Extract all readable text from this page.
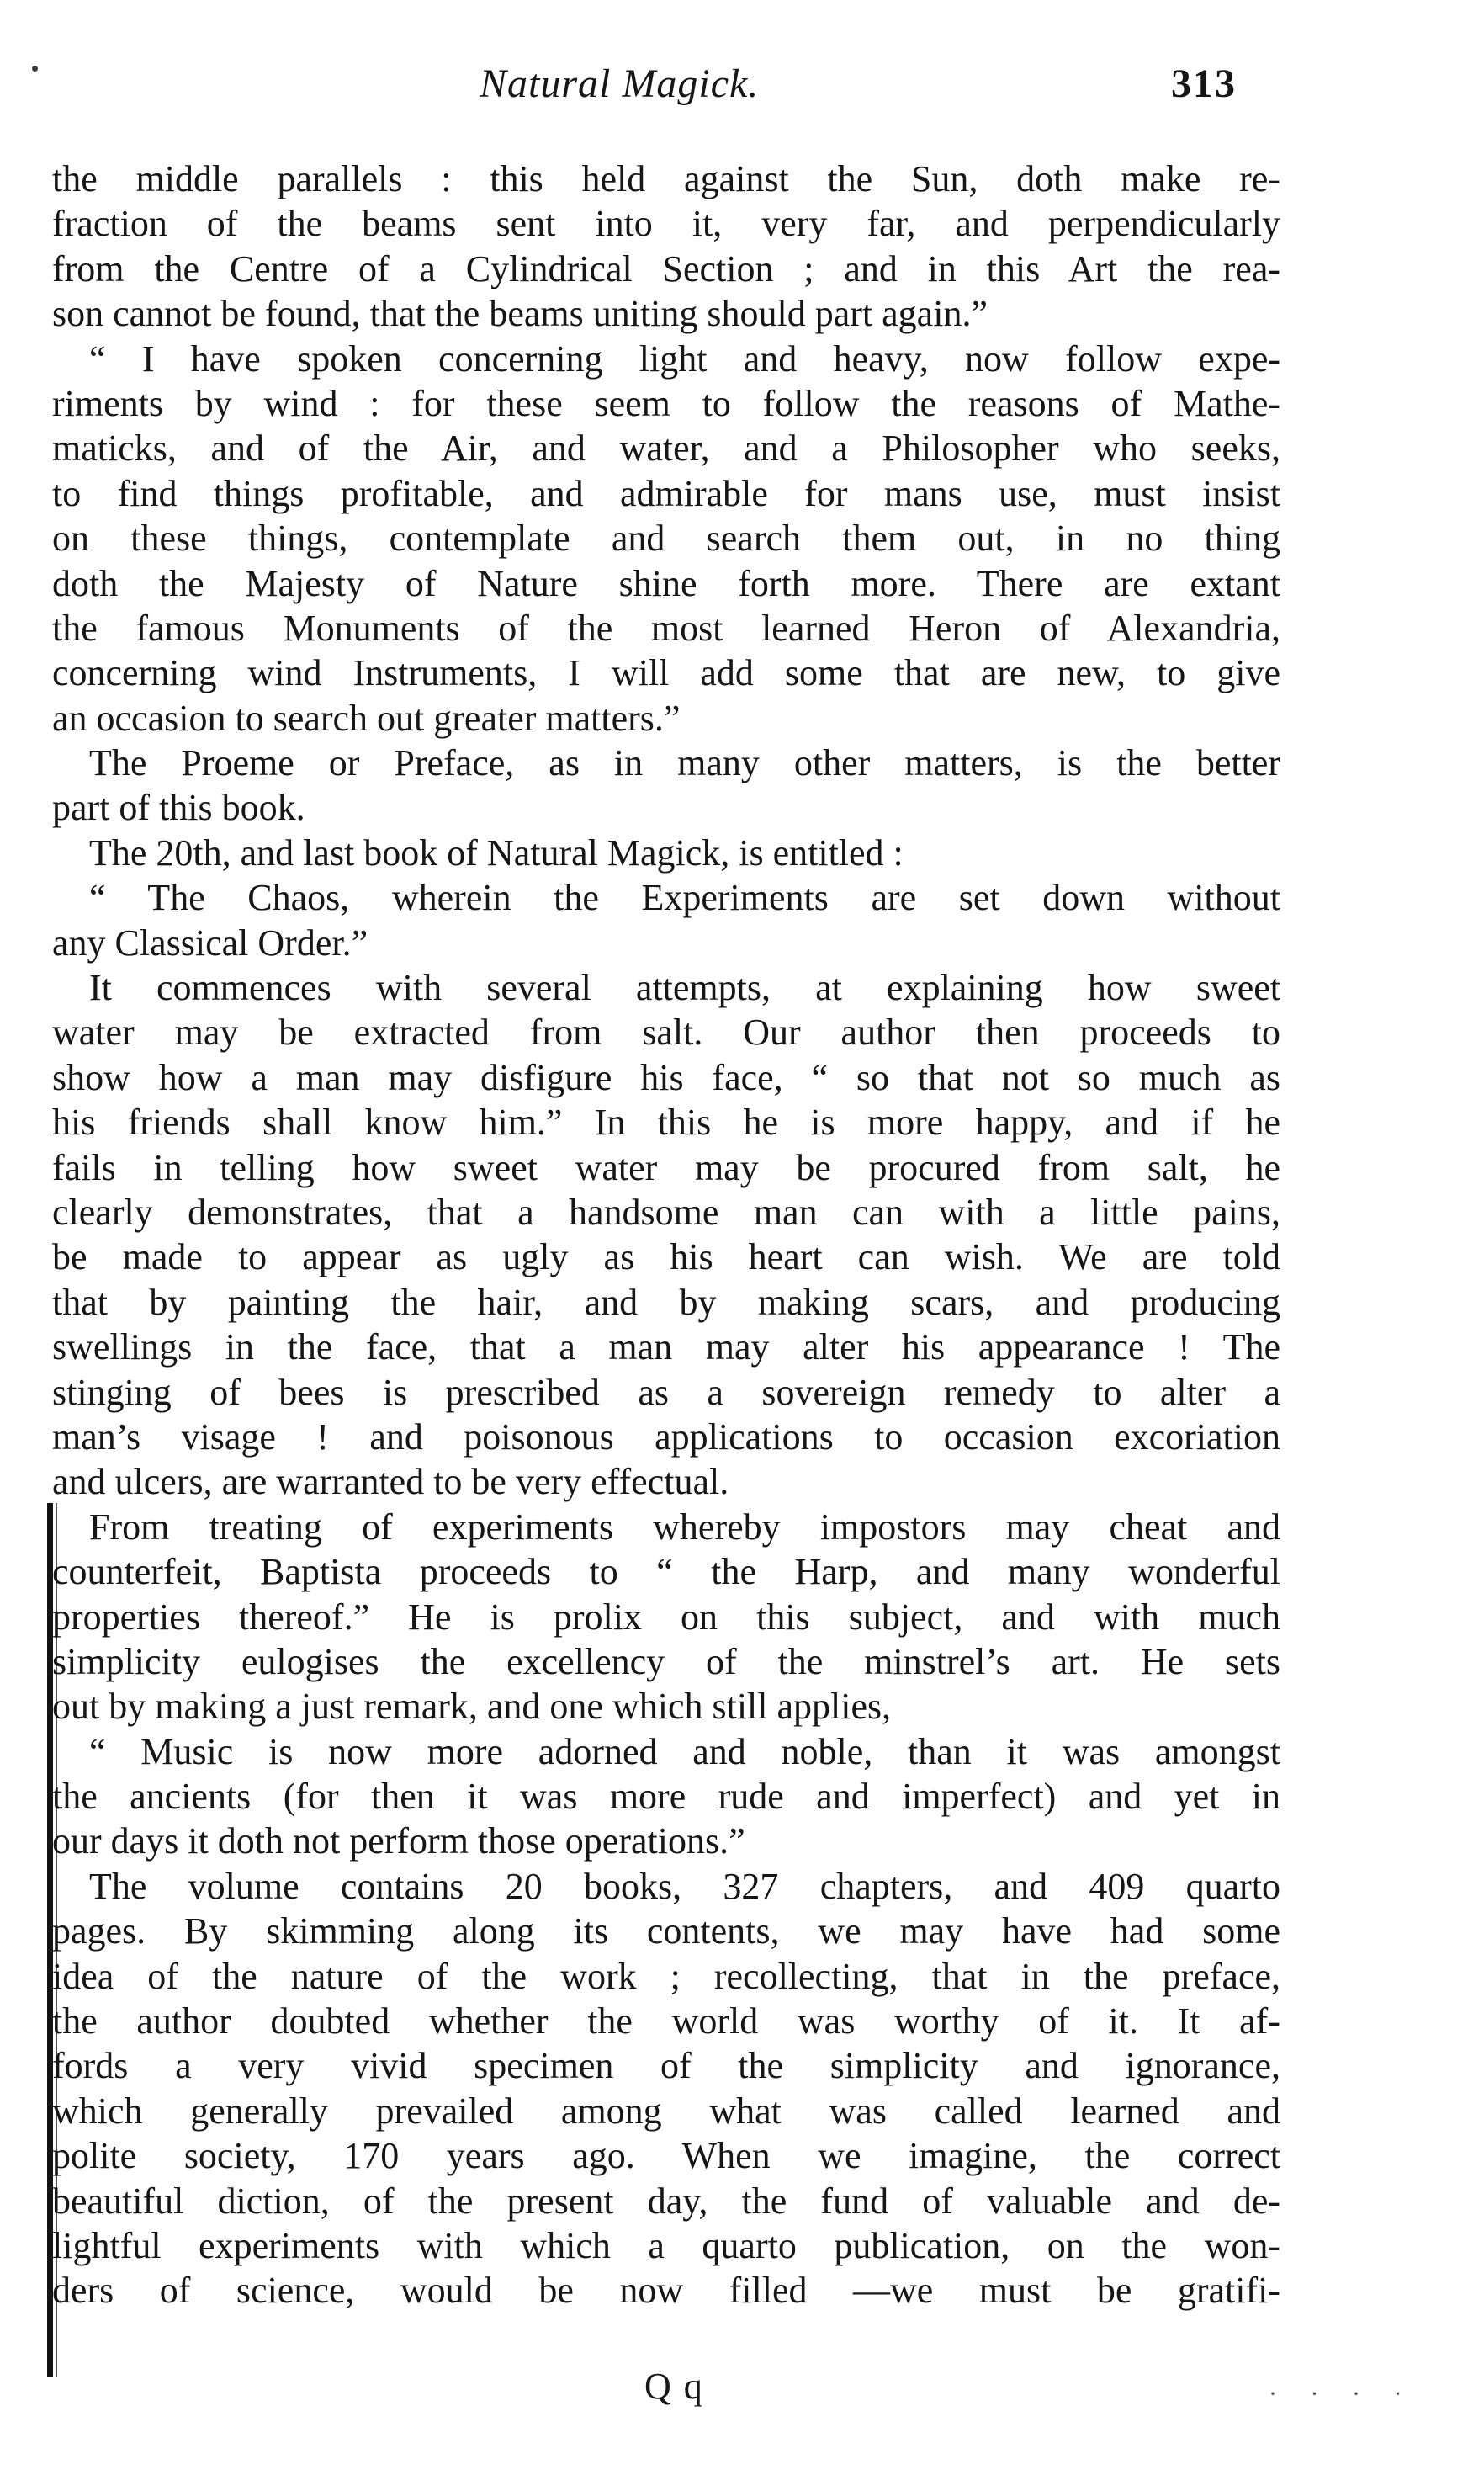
Natural Magick.	313
the middle parallels : this held against the Sun, doth make re-
fraction of the beams sent into it, very far, and perpendicularly
from the Centre of a Cylindrical Section ; and in this Art the rea-
son cannot be found, that the beams uniting should part again.”
“ I have spoken concerning light and heavy, now follow expe-
riments by wind : for these seem to follow the reasons of Mathe-
maticks, and of the Air, and water, and a Philosopher who seeks,
to find things profitable, and admirable for mans use, must insist
on these things, contemplate and search them out, in no thing
doth the Majesty of Nature shine forth more. There are extant
the famous Monuments of the most learned Heron of Alexandria,
concerning wind Instruments, I will add some that are new, to give
an occasion to search out greater matters.”
The Proeme or Preface, as in many other matters, is the better
part of this book.
The 20th, and last book of Natural Magick, is entitled :
“ The Chaos, wherein the Experiments are set down without
any Classical Order.”
It commences with several attempts, at explaining how sweet
water may be extracted from salt. Our author then proceeds to
show how a man may disfigure his face, “ so that not so much as
his friends shall know him.” In this he is more happy, and if he
fails in telling how sweet water may be procured from salt, he
clearly demonstrates, that a handsome man can with a little pains,
be made to appear as ugly as his heart can wish. We are told
that by painting the hair, and by making scars, and producing
swellings in the face, that a man may alter his appearance ! The
stinging of bees is prescribed as a sovereign remedy to alter a
man’s visage ! and poisonous applications to occasion excoriation
and ulcers, are warranted to be very effectual.
From treating of experiments whereby impostors may cheat and
counterfeit, Baptista proceeds to “ the Harp, and many wonderful
properties thereof.” He is prolix on this subject, and with much
simplicity eulogises the excellency of the minstrel’s art. He sets
out by making a just remark, and one which still applies,
“ Music is now more adorned and noble, than it was amongst
the ancients (for then it was more rude and imperfect) and yet in
our days it doth not perform those operations.”
The volume contains 20 books, 327 chapters, and 409 quarto
pages. By skimming along its contents, we may have had some
idea of the nature of the work ; recollecting, that in the preface,
the author doubted whether the world was worthy of it. It af-
fords a very vivid specimen of the simplicity and ignorance,
which generally prevailed among what was called learned and
polite society, 170 years ago. When we imagine, the correct
beautiful diction, of the present day, the fund of valuable and de-
lightful experiments with which a quarto publication, on the won-
ders of science, would be now filled —we must be gratifi-
Q q	· · · ·
